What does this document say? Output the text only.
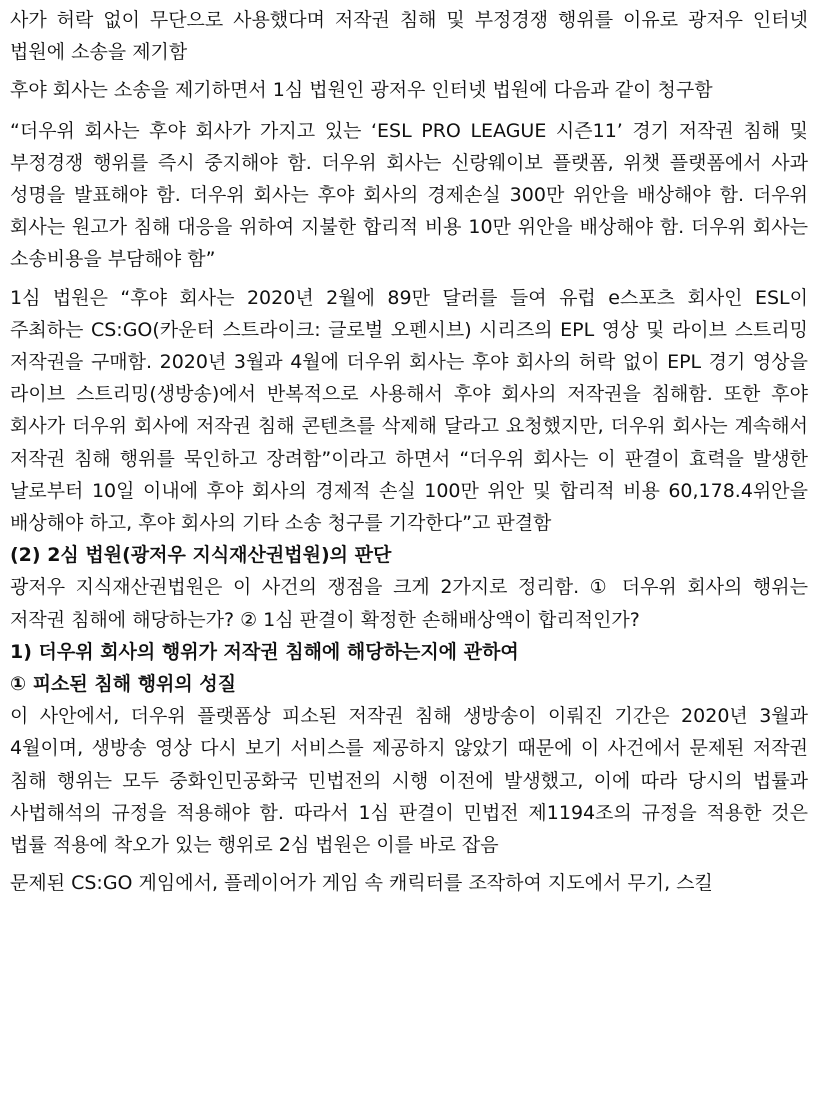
사가 허락 없이 무단으로 사용했다며 저작권 침해 및 부정경쟁 행위를 이유로 광저우 인터넷 법원에 소송을 제기함

후야 회사는 소송을 제기하면서 1심 법원인 광저우 인터넷 법원에 다음과 같이 청구함

“더우위 회사는 후야 회사가 가지고 있는 ‘ESL PRO LEAGUE 시즌11’ 경기 저작권 침해 및 부정경쟁 행위를 즉시 중지해야 함. 더우위 회사는 신랑웨이보 플랫폼, 위챗 플랫폼에서 사과 성명을 발표해야 함. 더우위 회사는 후야 회사의 경제손실 300만 위안을 배상해야 함. 더우위 회사는 원고가 침해 대응을 위하여 지불한 합리적 비용 10만 위안을 배상해야 함. 더우위 회사는 소송비용을 부담해야 함”

1심 법원은 “후야 회사는 2020년 2월에 89만 달러를 들여 유럽 e스포츠 회사인 ESL이 주최하는 CS:GO(카운터 스트라이크: 글로벌 오펜시브) 시리즈의 EPL 영상 및 라이브 스트리밍 저작권을 구매함. 2020년 3월과 4월에 더우위 회사는 후야 회사의 허락 없이 EPL 경기 영상을 라이브 스트리밍(생방송)에서 반복적으로 사용해서 후야 회사의 저작권을 침해함. 또한 후야 회사가 더우위 회사에 저작권 침해 콘텐츠를 삭제해 달라고 요청했지만, 더우위 회사는 계속해서 저작권 침해 행위를 묵인하고 장려함”이라고 하면서 “더우위 회사는 이 판결이 효력을 발생한 날로부터 10일 이내에 후야 회사의 경제적 손실 100만 위안 및 합리적 비용 60,178.4위안을 배상해야 하고, 후야 회사의 기타 소송 청구를 기각한다”고 판결함

(2) 2심 법원(광저우 지식재산권법원)의 판단

광저우 지식재산권법원은 이 사건의 쟁점을 크게 2가지로 정리함. ① 더우위 회사의 행위는 저작권 침해에 해당하는가? ② 1심 판결이 확정한 손해배상액이 합리적인가?

1) 더우위 회사의 행위가 저작권 침해에 해당하는지에 관하여

① 피소된 침해 행위의 성질

이 사안에서, 더우위 플랫폼상 피소된 저작권 침해 생방송이 이뤄진 기간은 2020년 3월과 4월이며, 생방송 영상 다시 보기 서비스를 제공하지 않았기 때문에 이 사건에서 문제된 저작권 침해 행위는 모두 중화인민공화국 민법전의 시행 이전에 발생했고, 이에 따라 당시의 법률과 사법해석의 규정을 적용해야 함. 따라서 1심 판결이 민법전 제1194조의 규정을 적용한 것은 법률 적용에 착오가 있는 행위로 2심 법원은 이를 바로 잡음

문제된 CS:GO 게임에서, 플레이어가 게임 속 캐릭터를 조작하여 지도에서 무기, 스킬
